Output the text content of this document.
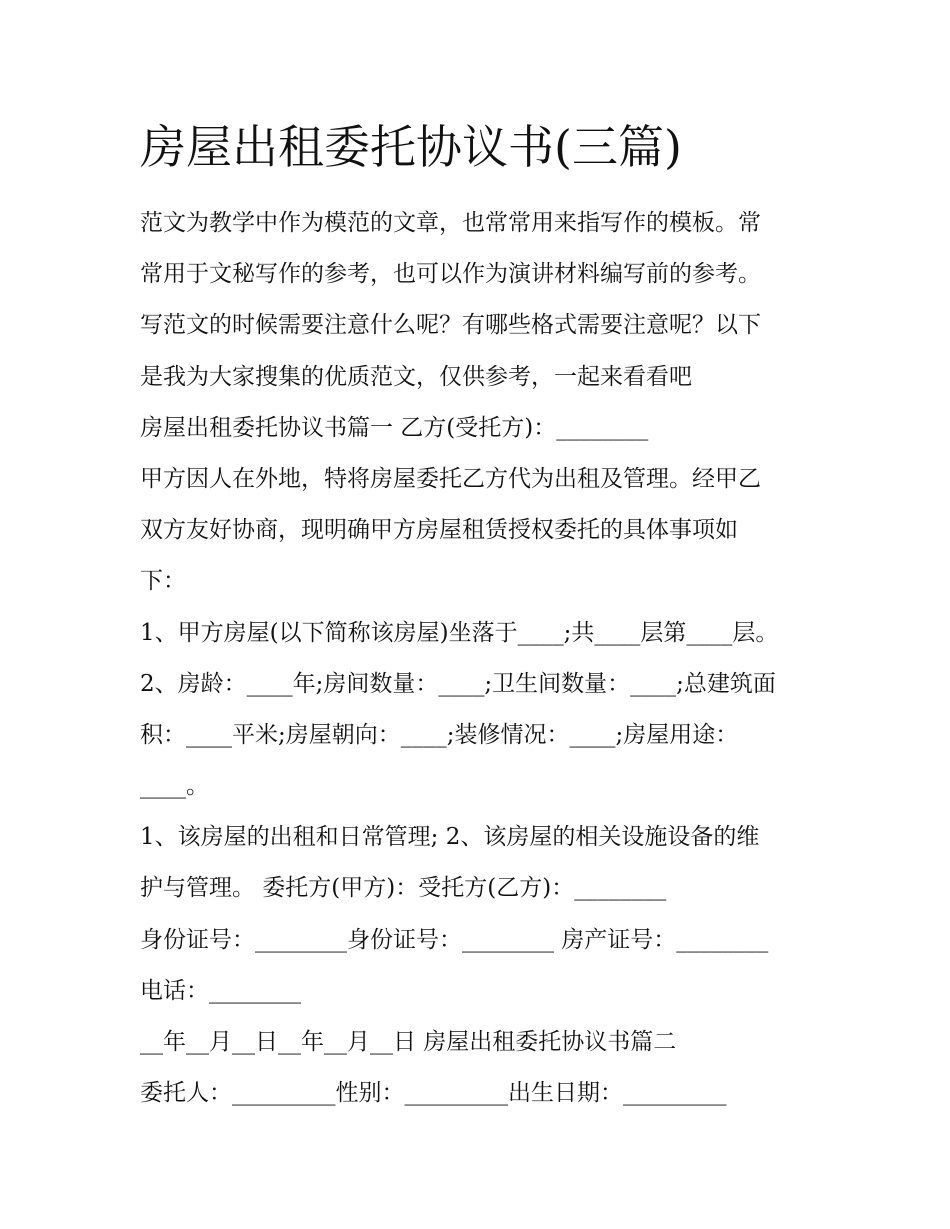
房屋出租委托协议书(三篇)
范文为教学中作为模范的文章，也常常用来指写作的模板。常
常用于文秘写作的参考，也可以作为演讲材料编写前的参考。
写范文的时候需要注意什么呢？有哪些格式需要注意呢？以下
是我为大家搜集的优质范文，仅供参考，一起来看看吧
房屋出租委托协议书篇一 乙方(受托方)：________
甲方因人在外地，特将房屋委托乙方代为出租及管理。经甲乙
双方友好协商，现明确甲方房屋租赁授权委托的具体事项如
下：
1、甲方房屋(以下简称该房屋)坐落于____;共____层第____层。
2、房龄：____年;房间数量：____;卫生间数量：____;总建筑面
积：____平米;房屋朝向：____;装修情况：____;房屋用途：
____。
1、该房屋的出租和日常管理; 2、该房屋的相关设施设备的维
护与管理。 委托方(甲方)：受托方(乙方)：________
身份证号：________身份证号：________ 房产证号：________
电话：________
__年__月__日__年__月__日 房屋出租委托协议书篇二
委托人：_________性别：_________出生日期：_________
